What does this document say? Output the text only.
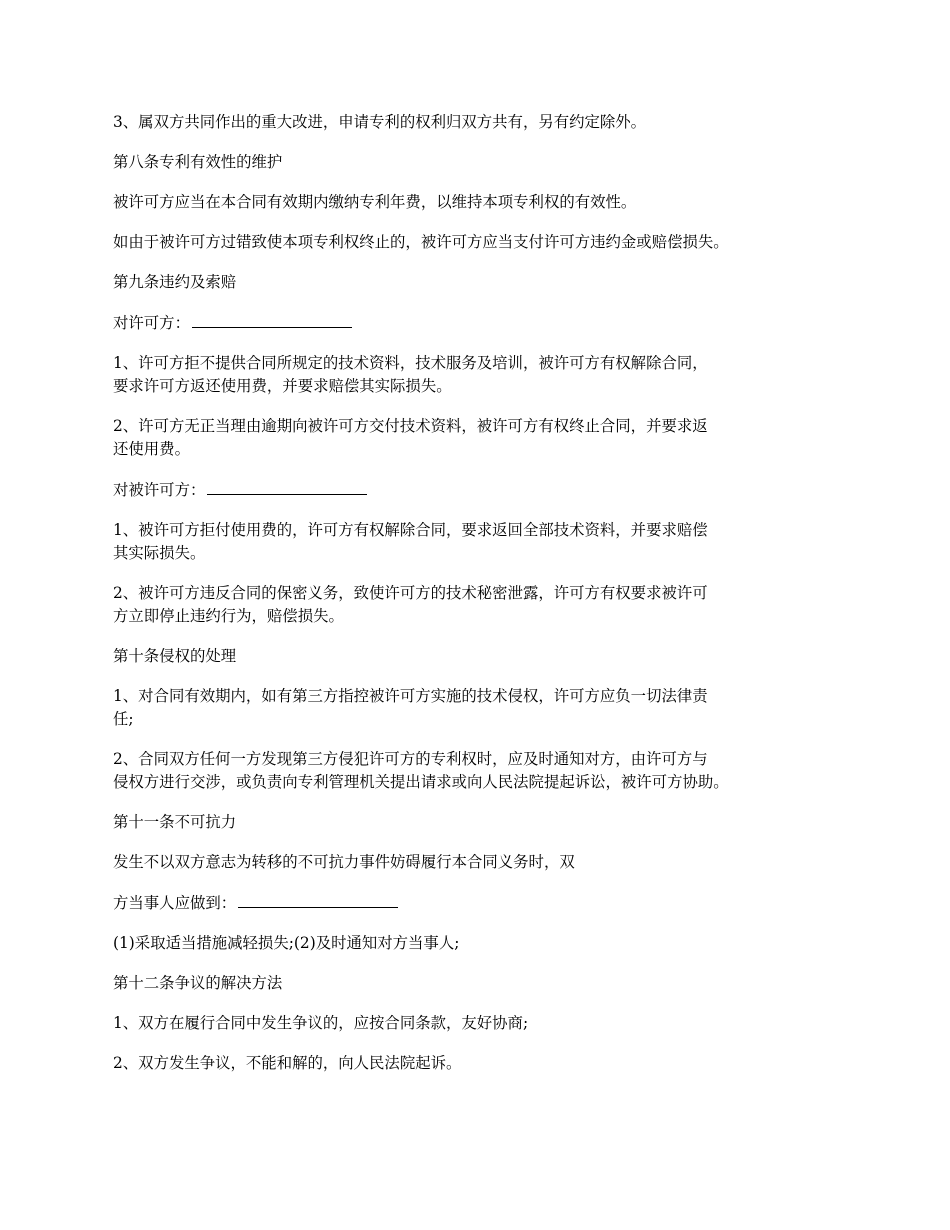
3、属双方共同作出的重大改进，申请专利的权利归双方共有，另有约定除外。

第八条专利有效性的维护

被许可方应当在本合同有效期内缴纳专利年费，以维持本项专利权的有效性。

如由于被许可方过错致使本项专利权终止的，被许可方应当支付许可方违约金或赔偿损失。

第九条违约及索赔

对许可方：

1、许可方拒不提供合同所规定的技术资料，技术服务及培训，被许可方有权解除合同，
要求许可方返还使用费，并要求赔偿其实际损失。

2、许可方无正当理由逾期向被许可方交付技术资料，被许可方有权终止合同，并要求返
还使用费。

对被许可方：

1、被许可方拒付使用费的，许可方有权解除合同，要求返回全部技术资料，并要求赔偿
其实际损失。

2、被许可方违反合同的保密义务，致使许可方的技术秘密泄露，许可方有权要求被许可
方立即停止违约行为，赔偿损失。

第十条侵权的处理

1、对合同有效期内，如有第三方指控被许可方实施的技术侵权，许可方应负一切法律责
任;

2、合同双方任何一方发现第三方侵犯许可方的专利权时，应及时通知对方，由许可方与
侵权方进行交涉，或负责向专利管理机关提出请求或向人民法院提起诉讼，被许可方协助。

第十一条不可抗力

发生不以双方意志为转移的不可抗力事件妨碍履行本合同义务时，双

方当事人应做到：

(1)采取适当措施减轻损失;(2)及时通知对方当事人;

第十二条争议的解决方法

1、双方在履行合同中发生争议的，应按合同条款，友好协商;

2、双方发生争议，不能和解的，向人民法院起诉。
